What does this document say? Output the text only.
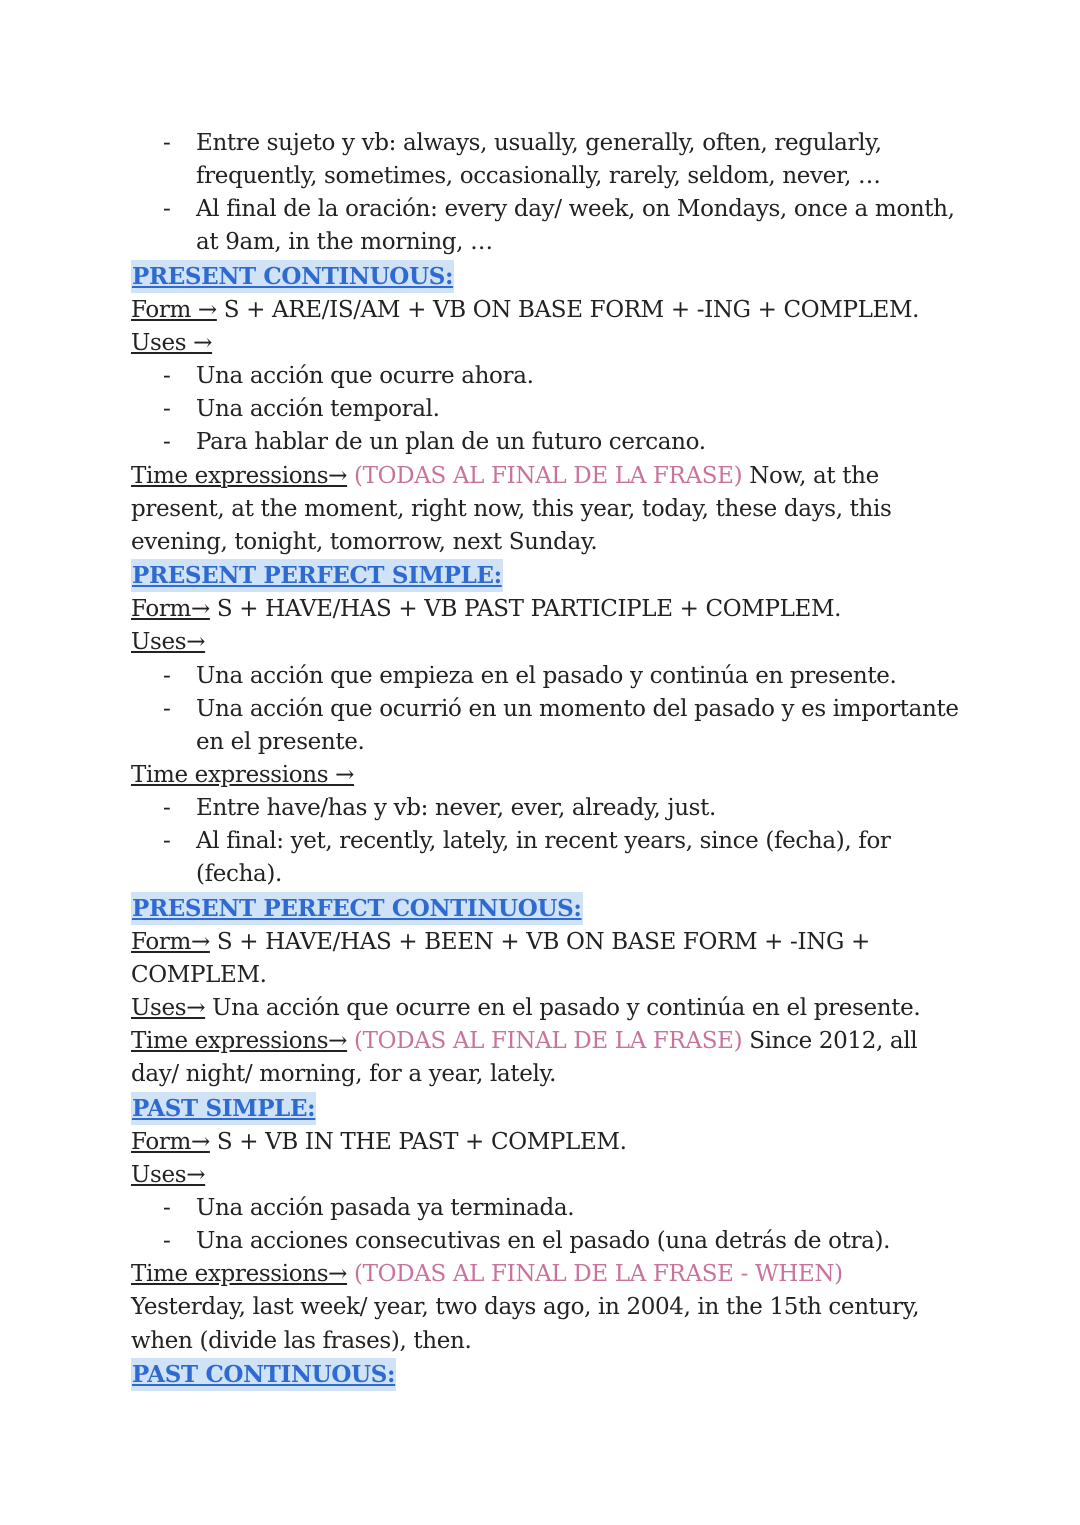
- Entre sujeto y vb: always, usually, generally, often, regularly,
frequently, sometimes, occasionally, rarely, seldom, never, …
- Al final de la oración: every day/ week, on Mondays, once a month,
at 9am, in the morning, …
PRESENT CONTINUOUS:
Form → S + ARE/IS/AM + VB ON BASE FORM + -ING + COMPLEM.
Uses →
- Una acción que ocurre ahora.
- Una acción temporal.
- Para hablar de un plan de un futuro cercano.
Time expressions→ (TODAS AL FINAL DE LA FRASE) Now, at the
present, at the moment, right now, this year, today, these days, this
evening, tonight, tomorrow, next Sunday.
PRESENT PERFECT SIMPLE:
Form→ S + HAVE/HAS + VB PAST PARTICIPLE + COMPLEM.
Uses→
- Una acción que empieza en el pasado y continúa en presente.
- Una acción que ocurrió en un momento del pasado y es importante
en el presente.
Time expressions →
- Entre have/has y vb: never, ever, already, just.
- Al final: yet, recently, lately, in recent years, since (fecha), for
(fecha).
PRESENT PERFECT CONTINUOUS:
Form→ S + HAVE/HAS + BEEN + VB ON BASE FORM + -ING +
COMPLEM.
Uses→ Una acción que ocurre en el pasado y continúa en el presente.
Time expressions→ (TODAS AL FINAL DE LA FRASE) Since 2012, all
day/ night/ morning, for a year, lately.
PAST SIMPLE:
Form→ S + VB IN THE PAST + COMPLEM.
Uses→
- Una acción pasada ya terminada.
- Una acciones consecutivas en el pasado (una detrás de otra).
Time expressions→ (TODAS AL FINAL DE LA FRASE - WHEN)
Yesterday, last week/ year, two days ago, in 2004, in the 15th century,
when (divide las frases), then.
PAST CONTINUOUS:
